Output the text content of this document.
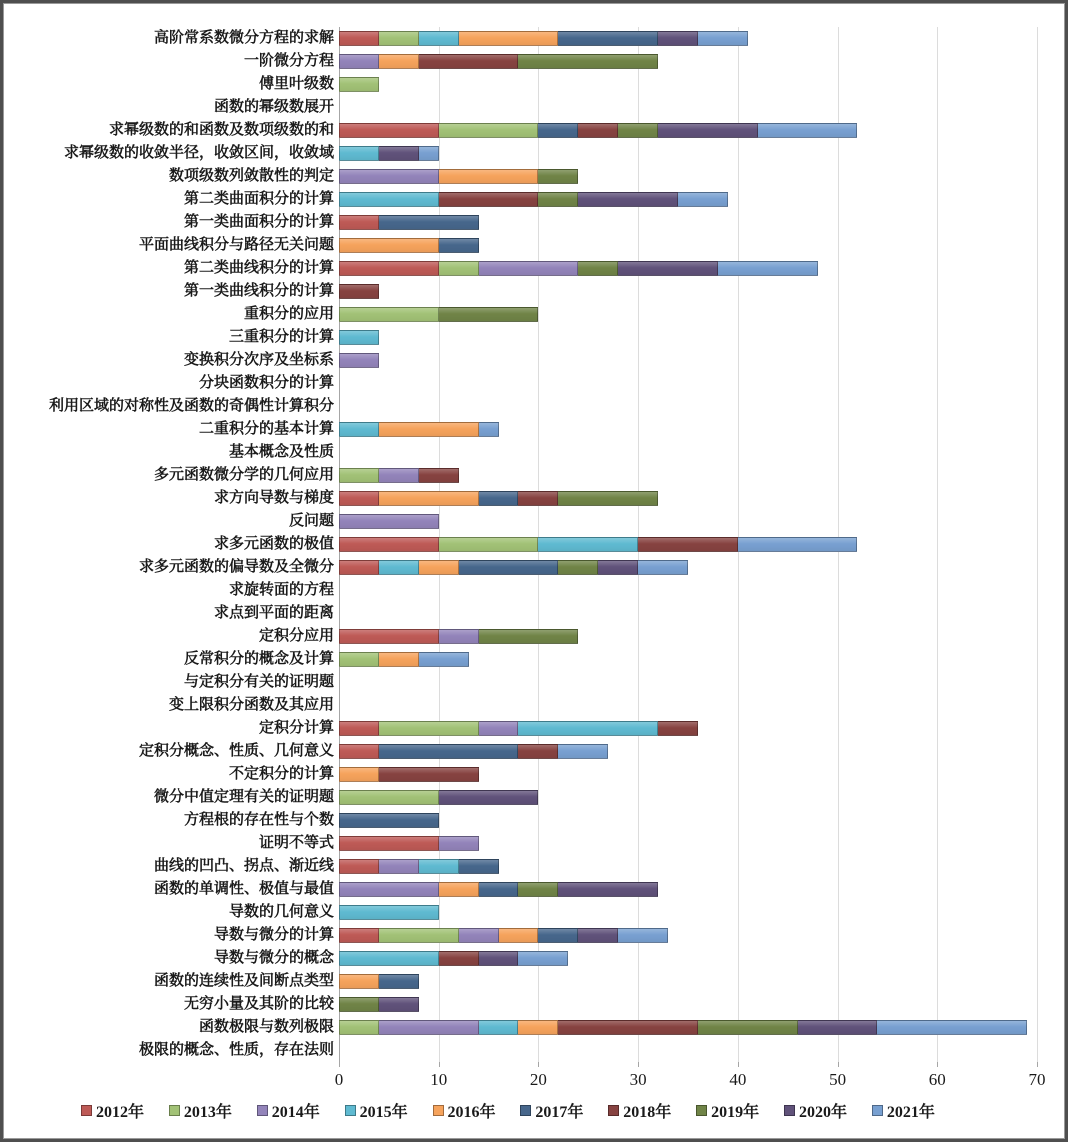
高阶常系数微分方程的求解
一阶微分方程
傅里叶级数
函数的幂级数展开
求幂级数的和函数及数项级数的和
求幂级数的收敛半径，收敛区间，收敛域
数项级数列敛散性的判定
第二类曲面积分的计算
第一类曲面积分的计算
平面曲线积分与路径无关问题
第二类曲线积分的计算
第一类曲线积分的计算
重积分的应用
三重积分的计算
变换积分次序及坐标系
分块函数积分的计算
利用区域的对称性及函数的奇偶性计算积分
二重积分的基本计算
基本概念及性质
多元函数微分学的几何应用
求方向导数与梯度
反问题
求多元函数的极值
求多元函数的偏导数及全微分
求旋转面的方程
求点到平面的距离
定积分应用
反常积分的概念及计算
与定积分有关的证明题
变上限积分函数及其应用
定积分计算
定积分概念、性质、几何意义
不定积分的计算
微分中值定理有关的证明题
方程根的存在性与个数
证明不等式
曲线的凹凸、拐点、渐近线
函数的单调性、极值与最值
导数的几何意义
导数与微分的计算
导数与微分的概念
函数的连续性及间断点类型
无穷小量及其阶的比较
函数极限与数列极限
极限的概念、性质，存在法则
0	10	20	30	40	50	60	70
2012年 2013年 2014年 2015年 2016年 2017年 2018年 2019年 2020年 2021年
